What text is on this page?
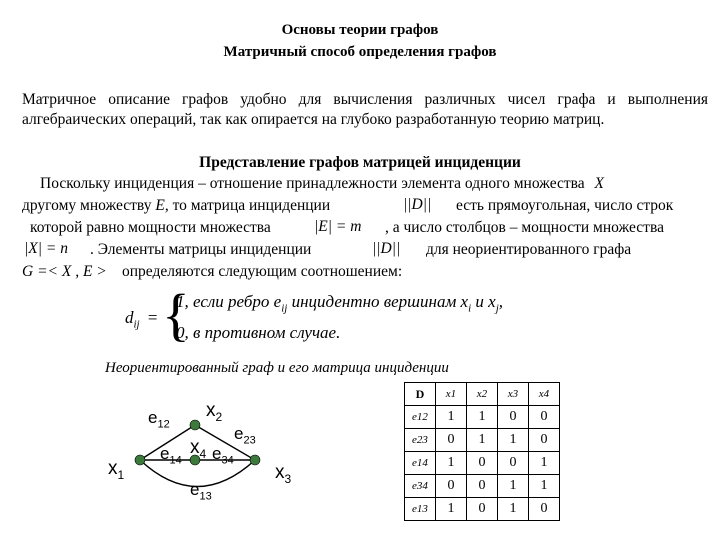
Основы теории графов
Матричный способ определения графов
Матричное описание графов удобно для вычисления различных чисел графа и выполнения алгебраических операций, так как опирается на глубоко разработанную теорию матриц.
Представление графов матрицей инциденции
Поскольку инциденция – отношение принадлежности элемента одного множества X
другому множеству E, то матрица инциденции	||D|| есть прямоугольная, число строк
которой равно мощности множества	|E| = m , а число столбцов – мощности множества
|X| = n . Элементы матрицы инциденции	||D|| для неориентированного графа
G =< X , E > определяются следующим соотношением:
$d_{ij}$ = {
1, если ребро $e_{ij}$ инцидентно вершинам $x_i$ и $x_j$,
0, в противном случае.
Неориентированный граф и его матрица инциденции
$x_1$
$x_2$
$x_3$
$x_4$
$e_{12}$	$e_{23}$
$e_{14}$ $e_{34}$
$e_{13}$
D	x1	x2	x3	x4
e12	1	1	0	0
e23	0	1	1	0
e14	1	0	0	1
e34	0	0	1	1
e13	1	0	1	0
